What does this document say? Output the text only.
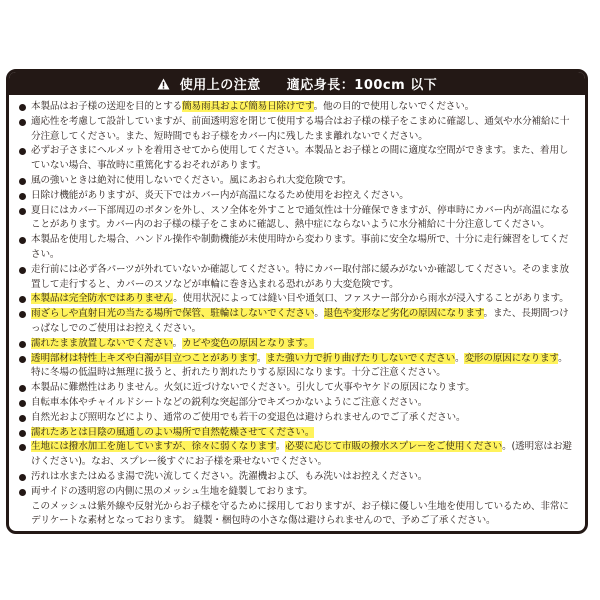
使用上の注意 適応身長：100cm 以下
本製品はお子様の送迎を目的とする簡易雨具および簡易日除けです。他の目的で使用しないでください。
適応性を考慮して設計していますが、前面透明窓を閉じて使用する場合はお子様の様子をこまめに確認し、通気や水分補給に十分注意してください。また、短時間でもお子様をカバー内に残したまま離れないでください。
必ずお子さまにヘルメットを着用させてから使用してください。本製品とお子様との間に適度な空間ができます。また、着用していない場合、事故時に重篤化するおそれがあります。
風の強いときは絶対に使用しないでください。風にあおられ大変危険です。
日除け機能がありますが、炎天下ではカバー内が高温になるため使用をお控えください。
夏日にはカバー下部周辺のボタンを外し、スソ全体を外すことで通気性は十分確保できますが、停車時にカバー内が高温になることがあります。カバー内のお子様の様子をこまめに確認し、熱中症にならないように水分補給に十分注意してください。
本製品を使用した場合、ハンドル操作や制動機能が未使用時から変わります。事前に安全な場所で、十分に走行練習をしてください。
走行前には必ず各パーツが外れていないか確認してください。特にカバー取付部に緩みがないか確認してください。そのまま放置して走行すると、カバーのスソなどが車輪に巻き込まれる恐れがあり大変危険です。
本製品は完全防水ではありません。使用状況によっては縫い目や通気口、ファスナー部分から雨水が浸入することがあります。
雨ざらしや直射日光の当たる場所で保管、駐輪はしないでください。退色や変形など劣化の原因になります。また、長期間つけっぱなしでのご使用はお控えください。
濡れたまま放置しないでください。カビや変色の原因となります。
透明部材は特性上キズや白濁が目立つことがあります。また強い力で折り曲げたりしないでください。変形の原因になります。特に冬場の低温時は無理に扱うと、折れたり割れたりする原因になります。十分ご注意ください。
本製品に難燃性はありません。火気に近づけないでください。引火して火事やヤケドの原因になります。
自転車本体やチャイルドシートなどの鋭利な突起部分でキズつかないようにご注意ください。
自然光および照明などにより、通常のご使用でも若干の変退色は避けられませんのでご了承ください。
濡れたあとは日陰の風通しのよい場所で自然乾燥させてください。
生地には撥水加工を施していますが、徐々に弱くなります。必要に応じて市販の撥水スプレーをご使用ください。(透明窓はお避けください)。なお、スプレー後すぐにお子様を乗せないでください。
汚れは水またはぬるま湯で洗い流してください。洗濯機および、もみ洗いはお控えください。
両サイドの透明窓の内側に黒のメッシュ生地を縫製しております。
このメッシュは紫外線や反射光からお子様を守るために採用しておりますが、お子様に優しい生地を使用しているため、非常にデリケートな素材となっております。 縫製・梱包時の小さな傷は避けられませんので、予めご了承ください。
